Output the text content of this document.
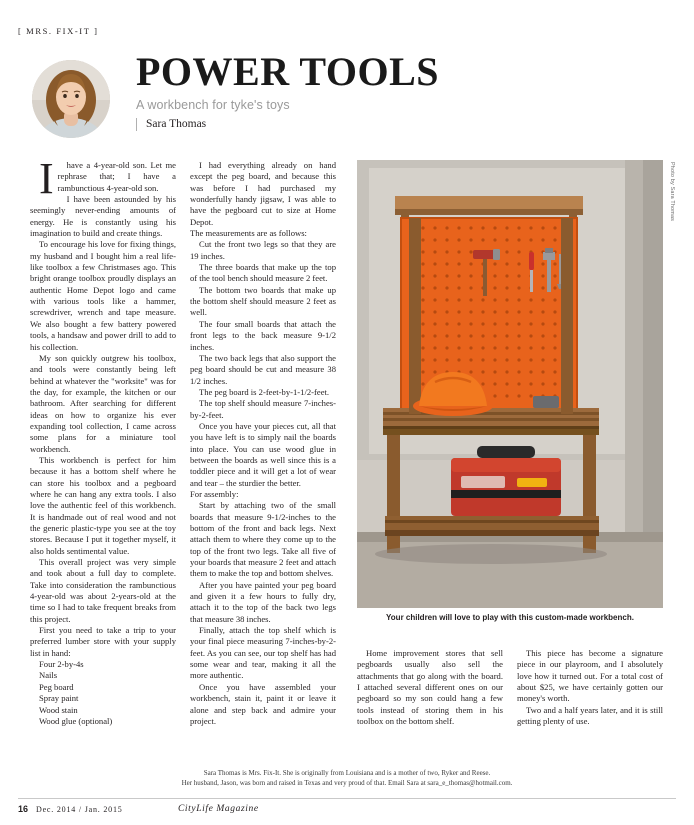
[ MRS. FIX-IT ]
POWER TOOLS
A workbench for tyke's toys
Sara Thomas

I	have a 4-year-old son. Let me rephrase that; I have a rambunctious 4-year-old son.

I have been astounded by his seemingly never-ending amounts of energy. He is constantly using his imagination to build and create things.

To encourage his love for fixing things, my husband and I bought him a real life-like toolbox a few Christmases ago. This bright orange toolbox proudly displays an authentic Home Depot logo and came with various tools like a hammer, screwdriver, wrench and tape measure. We also bought a few battery powered tools, a handsaw and power drill to add to his collection.

My son quickly outgrew his toolbox, and tools were constantly being left behind at whatever the "worksite" was for the day, for example, the kitchen or our bathroom. After searching for different ideas on how to organize his ever expanding tool collection, I came across some plans for a miniature tool workbench.

This workbench is perfect for him because it has a bottom shelf where he can store his toolbox and a pegboard where he can hang any extra tools. I also love the authentic feel of this workbench. It is handmade out of real wood and not the generic plastic-type you see at the toy stores. Because I put it together myself, it also holds sentimental value.

This overall project was very simple and took about a full day to complete. Take into consideration the rambunctious 4-year-old was about 2-years-old at the time so I had to take frequent breaks from this project.

First you need to take a trip to your preferred lumber store with your supply list in hand:

Four 2-by-4s
Nails
Peg board
Spray paint
Wood stain
Wood glue (optional)

I had everything already on hand except the peg board, and because this was before I had purchased my wonderfully handy jigsaw, I was able to have the pegboard cut to size at Home Depot.

The measurements are as follows:

Cut the front two legs so that they are 19 inches.

The three boards that make up the top of the tool bench should measure 2 feet.

The bottom two boards that make up the bottom shelf should measure 2 feet as well.

The four small boards that attach the front legs to the back measure 9-1/2 inches.

The two back legs that also support the peg board should be cut and measure 38 1/2 inches.

The peg board is 2-feet-by-1-1/2-feet.

The top shelf should measure 7-inches-by-2-feet.

Once you have your pieces cut, all that you have left is to simply nail the boards into place. You can use wood glue in between the boards as well since this is a toddler piece and it will get a lot of wear and tear – the sturdier the better.

For assembly:

Start by attaching two of the small boards that measure 9-1/2-inches to the bottom of the front and back legs. Next attach them to where they come up to the top of the front two legs. Take all five of your boards that measure 2 feet and attach them to make the top and bottom shelves.

After you have painted your peg board and given it a few hours to fully dry, attach it to the top of the back two legs that measure 38 inches.

Finally, attach the top shelf which is your final piece measuring 7-inches-by-2-feet. As you can see, our top shelf has had some wear and tear, making it all the more authentic.

Once you have assembled your workbench, stain it, paint it or leave it alone and step back and admire your project.

Photo by Sara Thomas
Your children will love to play with this custom-made workbench.

Home improvement stores that sell pegboards usually also sell the attachments that go along with the board. I attached several different ones on our pegboard so my son could hang a few tools instead of storing them in his toolbox on the bottom shelf.

This piece has become a signature piece in our playroom, and I absolutely love how it turned out. For a total cost of about $25, we have certainly gotten our money's worth.

Two and a half years later, and it is still getting plenty of use.

Sara Thomas is Mrs. Fix-It. She is originally from Louisiana and is a mother of two, Ryker and Reese.
Her husband, Jason, was born and raised in Texas and very proud of that. Email Sara at sara_e_thomas@hotmail.com.
16 Dec. 2014 / Jan. 2015	CityLife Magazine
